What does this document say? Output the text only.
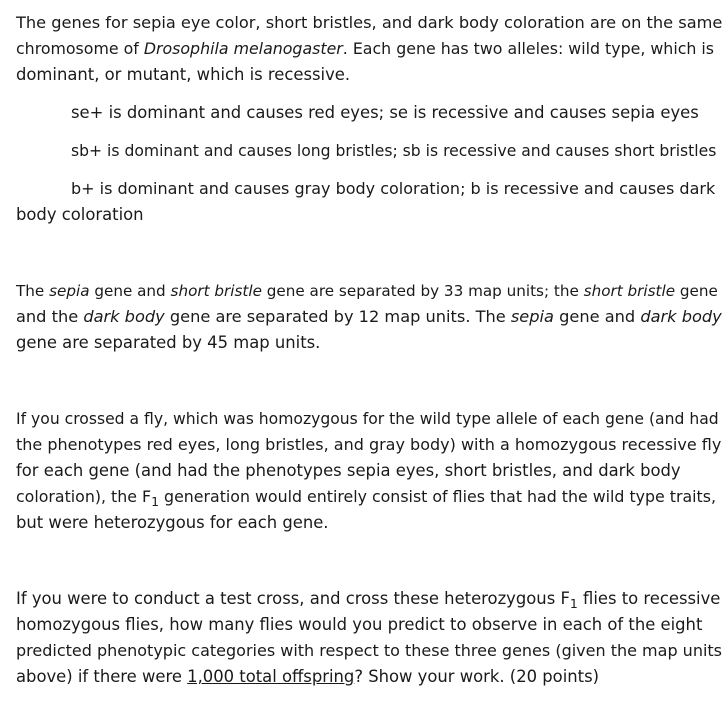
The genes for sepia eye color, short bristles, and dark body coloration are on the same
chromosome of Drosophila melanogaster. Each gene has two alleles: wild type, which is
dominant, or mutant, which is recessive.
se+ is dominant and causes red eyes; se is recessive and causes sepia eyes
sb+ is dominant and causes long bristles; sb is recessive and causes short bristles
b+ is dominant and causes gray body coloration; b is recessive and causes dark
body coloration
The sepia gene and short bristle gene are separated by 33 map units; the short bristle gene
and the dark body gene are separated by 12 map units. The sepia gene and dark body
gene are separated by 45 map units.
If you crossed a fly, which was homozygous for the wild type allele of each gene (and had
the phenotypes red eyes, long bristles, and gray body) with a homozygous recessive fly
for each gene (and had the phenotypes sepia eyes, short bristles, and dark body
coloration), the $F_1$ generation would entirely consist of flies that had the wild type traits,
but were heterozygous for each gene.
If you were to conduct a test cross, and cross these heterozygous $F_1$ flies to recessive
homozygous flies, how many flies would you predict to observe in each of the eight
predicted phenotypic categories with respect to these three genes (given the map units
above) if there were 1,000 total offspring? Show your work. (20 points)
